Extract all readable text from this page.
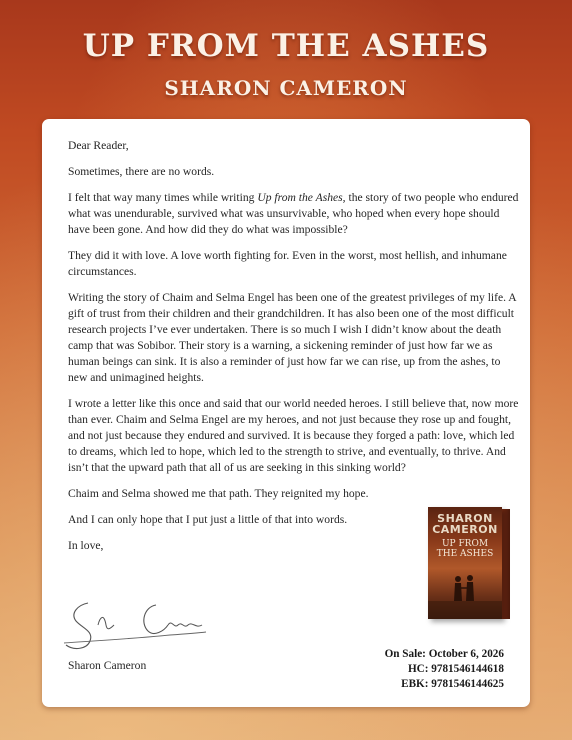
UP FROM THE ASHES
SHARON CAMERON

Dear Reader,

Sometimes, there are no words.

I felt that way many times while writing Up from the Ashes, the story of two people who endured what was unendurable, survived what was unsurvivable, who hoped when every hope should have been gone. And how did they do what was impossible?

They did it with love. A love worth fighting for. Even in the worst, most hellish, and inhumane circumstances.

Writing the story of Chaim and Selma Engel has been one of the greatest privileges of my life. A gift of trust from their children and their grandchildren. It has also been one of the most difficult research projects I’ve ever undertaken. There is so much I wish I didn’t know about the death camp that was Sobibor. Their story is a warning, a sickening reminder of just how far we as human beings can sink. It is also a reminder of just how far we can rise, up from the ashes, to new and unimagined heights.

I wrote a letter like this once and said that our world needed heroes. I still believe that, now more than ever. Chaim and Selma Engel are my heroes, and not just because they rose up and fought, and not just because they endured and survived. It is because they forged a path: love, which led to dreams, which led to hope, which led to the strength to strive, and eventually, to thrive. And isn’t that the upward path that all of us are seeking in this sinking world?

Chaim and Selma showed me that path. They reignited my hope.

And I can only hope that I put just a little of that into words.

In love,

Sharon Cameron
SHARON
CAMERON
UP FROM
THE ASHES
On Sale: October 6, 2026
HC: 9781546144618
EBK: 9781546144625
